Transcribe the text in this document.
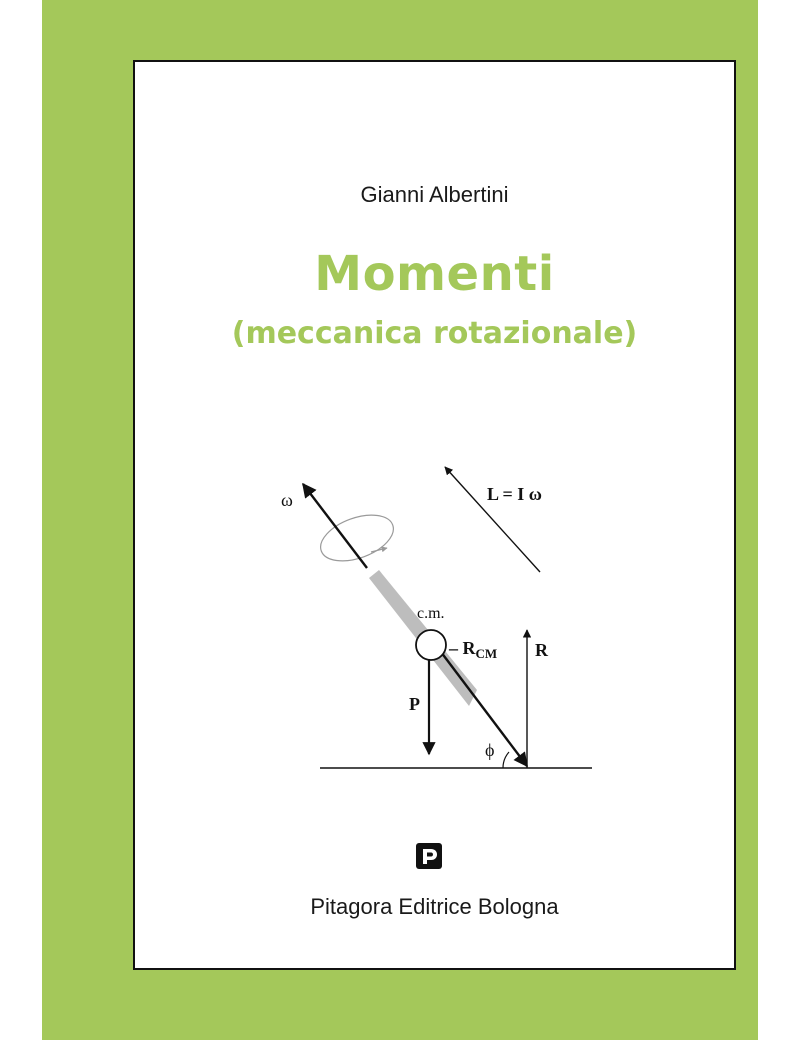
Gianni Albertini
Momenti
(meccanica rotazionale)
ω	L = I ω
c.m.
– $R_{CM}$ R
P
ϕ
Pitagora Editrice Bologna
